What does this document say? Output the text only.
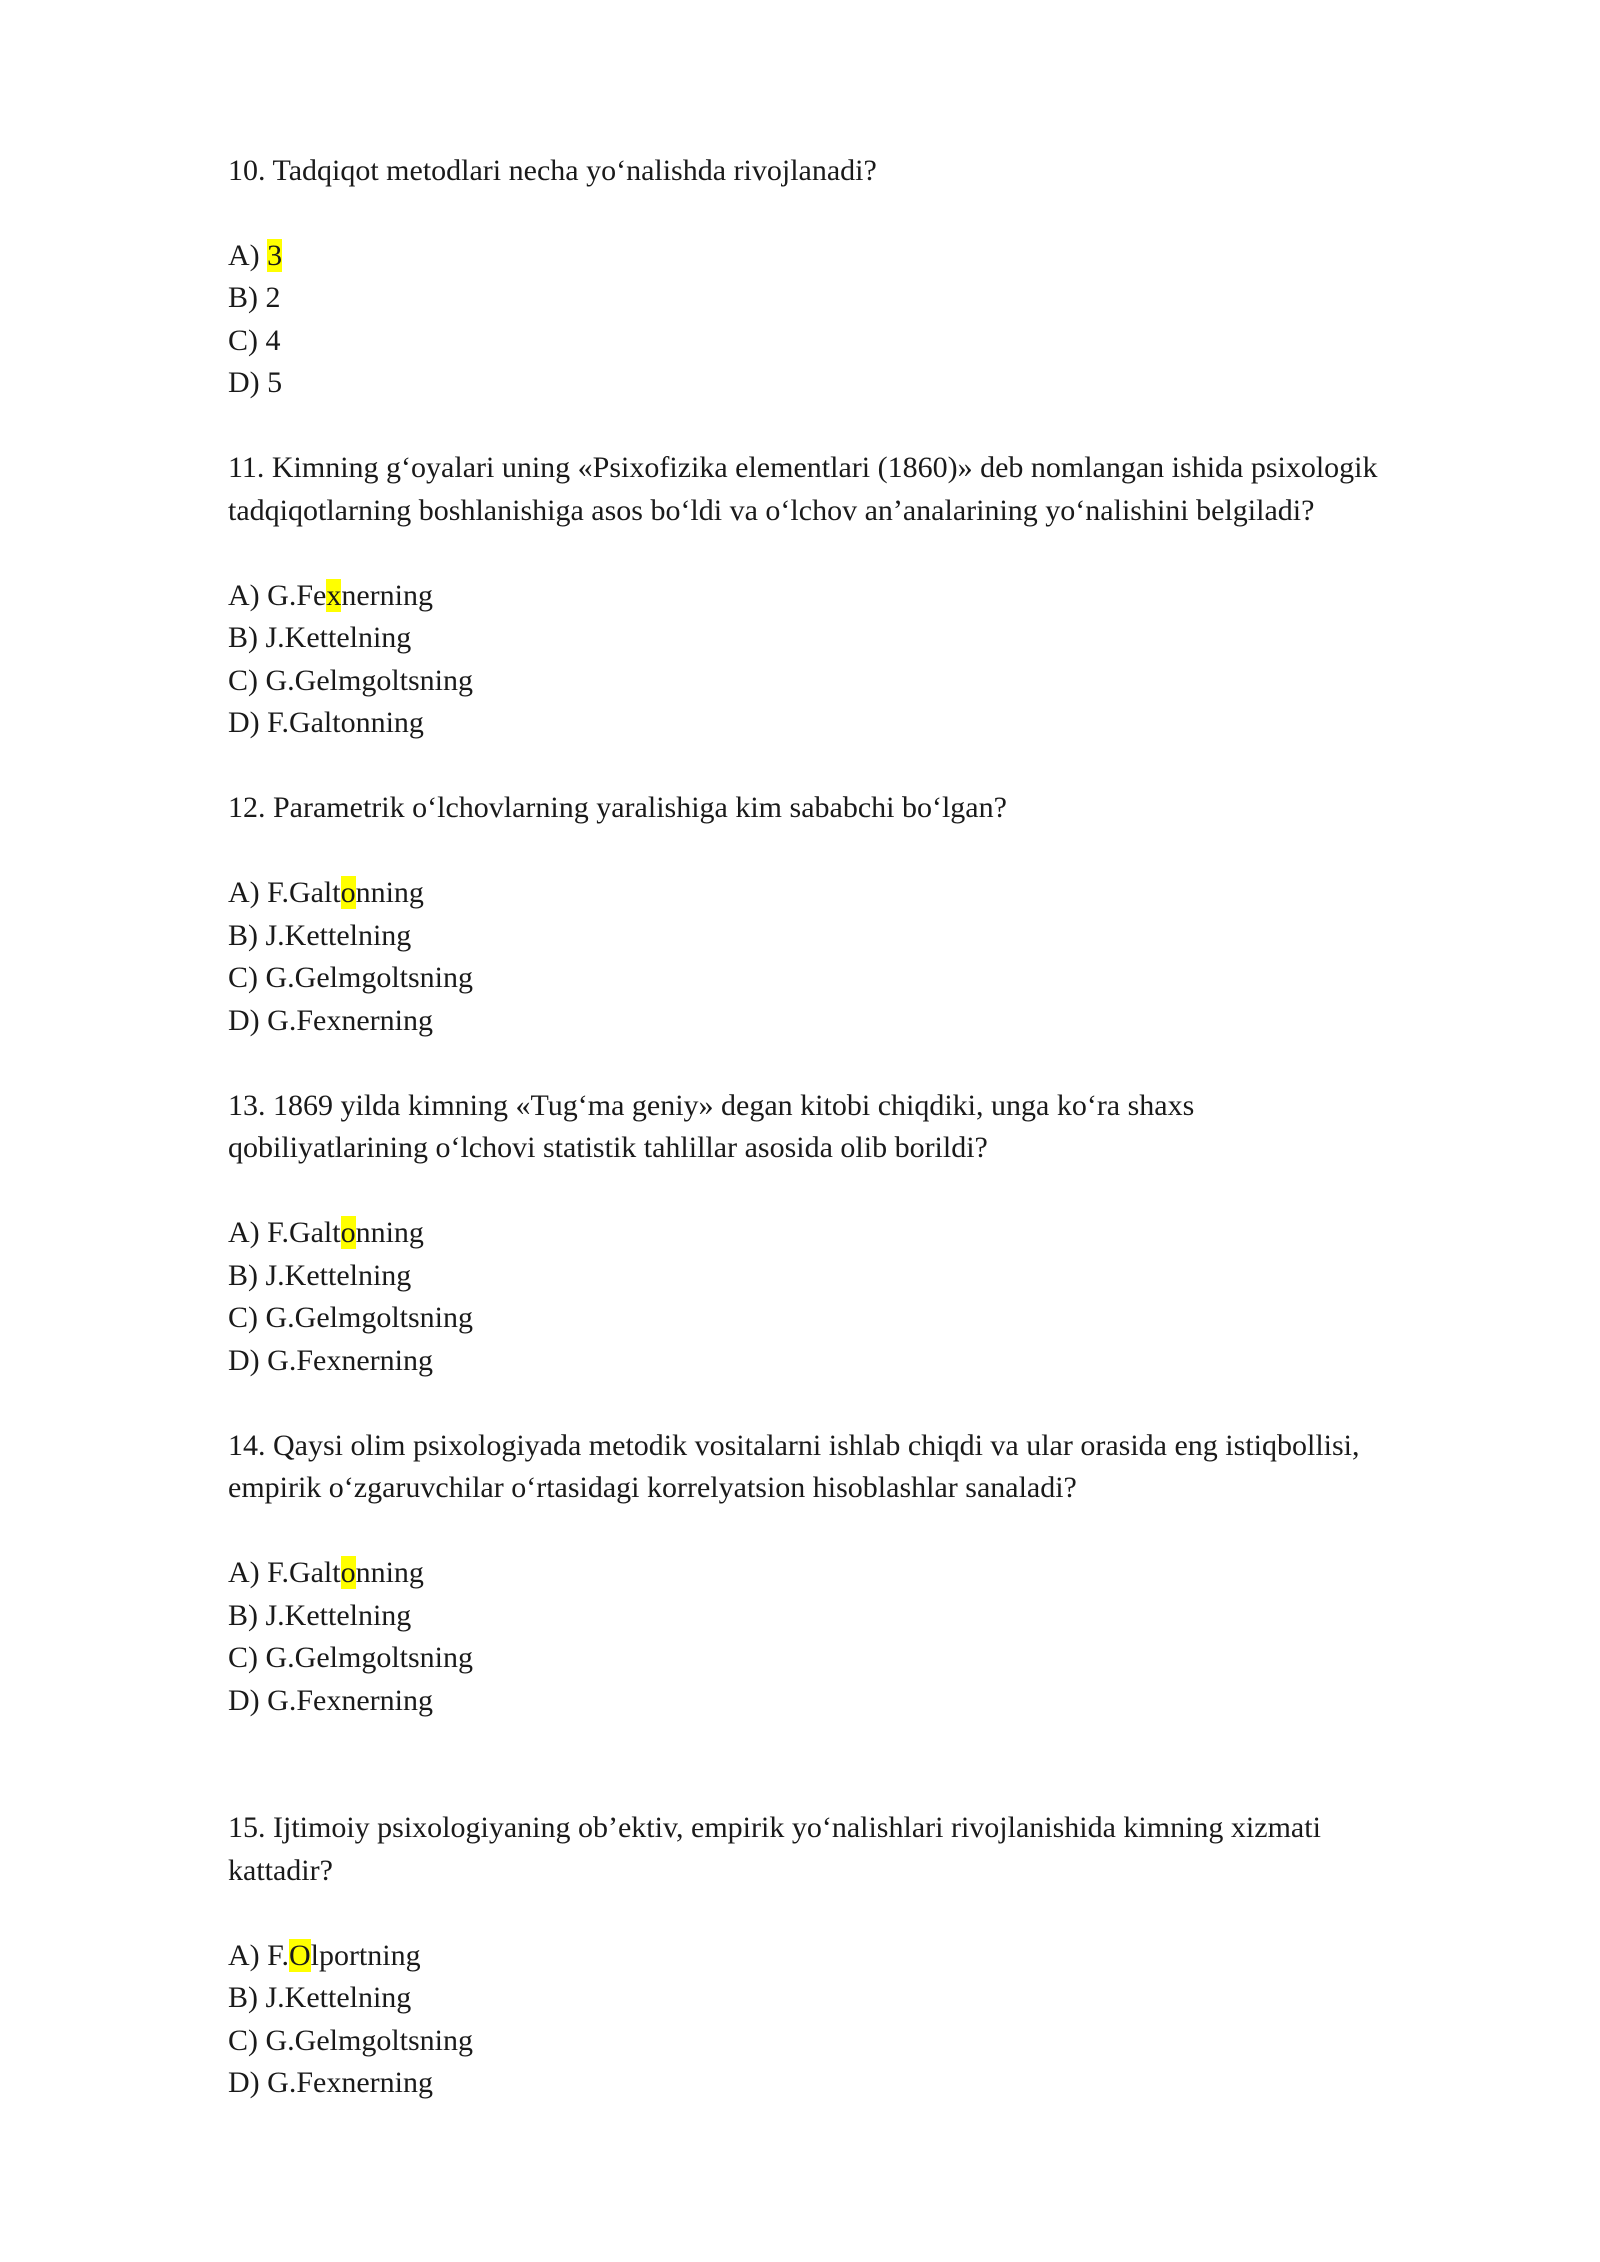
10. Tadqiqot metodlari necha yo‘nalishda rivojlanadi?
A) 3
B) 2
C) 4
D) 5
11. Kimning g‘oyalari uning «Psixofizika elementlari (1860)» deb nomlangan ishida psixologik
tadqiqotlarning boshlanishiga asos bo‘ldi va o‘lchov an’analarining yo‘nalishini belgiladi?
A) G.Fexnerning
B) J.Kettelning
C) G.Gelmgoltsning
D) F.Galtonning
12. Parametrik o‘lchovlarning yaralishiga kim sababchi bo‘lgan?
A) F.Galtonning
B) J.Kettelning
C) G.Gelmgoltsning
D) G.Fexnerning
13. 1869 yilda kimning «Tug‘ma geniy» degan kitobi chiqdiki, unga ko‘ra shaxs
qobiliyatlarining o‘lchovi statistik tahlillar asosida olib borildi?
A) F.Galtonning
B) J.Kettelning
C) G.Gelmgoltsning
D) G.Fexnerning
14. Qaysi olim psixologiyada metodik vositalarni ishlab chiqdi va ular orasida eng istiqbollisi,
empirik o‘zgaruvchilar o‘rtasidagi korrelyatsion hisoblashlar sanaladi?
A) F.Galtonning
B) J.Kettelning
C) G.Gelmgoltsning
D) G.Fexnerning
15. Ijtimoiy psixologiyaning ob’ektiv, empirik yo‘nalishlari rivojlanishida kimning xizmati
kattadir?
A) F.Olportning
B) J.Kettelning
C) G.Gelmgoltsning
D) G.Fexnerning
